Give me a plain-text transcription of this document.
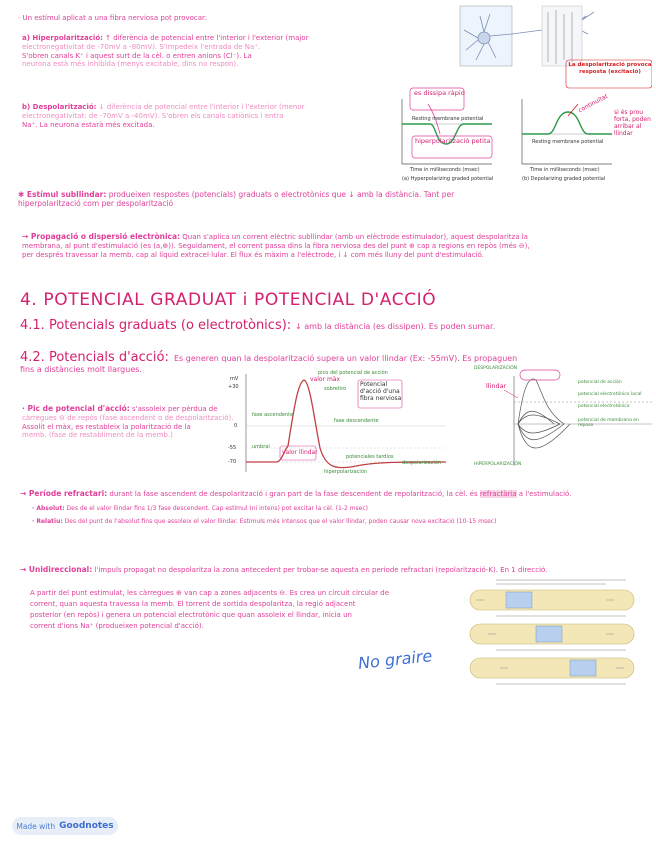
· Un estímul aplicat a una fibra nerviosa pot provocar:
a) Hiperpolarització: ↑ diferència de potencial entre l'interior i l'exterior (major
electronegativitat de -70mV a -80mV). S'impedeix l'entrada de Na⁺.
S'obren canals K⁺ i aquest surt de la cèl. o entren anions (Cl⁻). La
neurona està més inhibida (menys excitable, dins no respon).
b) Despolarització: ↓ diferència de potencial entre l'interior i l'exterior (menor
electronegativitat: de -70mV a -40mV). S'obren els canals catiònics i entra
Na⁺. La neurona estarà més excitada.
es dissipa ràpid
hiperpolarització petita
La despolarització provoca resposta (excitació)
continuïtat si és prou forta, poden arribar al llindar
Resting membrane potential
Resting membrane potential
Time in milliseconds (msec)	Time in milliseconds (msec)
(a) Hyperpolarizing graded potential	(b) Depolarizing graded potential
✱ Estímul subllindar: produeixen respostes (potencials) graduats o electrotònics que ↓ amb la distància. Tant per
hiperpolarització com per despolarització
→ Propagació o dispersió electrònica: Quan s'aplica un corrent elèctric subllindar (amb un elèctrode estimulador), aquest despolaritza la
membrana, al punt d'estimulació (es (a,⊕)). Seguidament, el corrent passa dins la fibra nerviosa des del punt ⊕ cap a regions en repòs (més ⊖),
per després travessar la memb. cap al líquid extracel·lular. El flux és màxim a l'elèctrode, i ↓ com més lluny del punt d'estimulació.
4. POTENCIAL GRADUAT i POTENCIAL D'ACCIÓ
4.1. Potencials graduats (o electrotònics): ↓ amb la distància (es dissipen). Es poden sumar.
4.2. Potencials d'acció: Es generen quan la despolarització supera un valor llindar (Ex: -55mV). Es propaguen
fins a distàncies molt llargues.
mV
+30
0
-55
-70
pico del potencial de acción
valor màx
sobretiro
fase ascendente
fase descendente
umbral
valor llindar
potenciales tardíos
despolarización
hiperpolarización
Potencial d'acció d'una fibra nerviosa
DESPOLARIZACIÓN
HIPERPOLARIZACIÓN
llindar	potencial de acción
potencial electrotónico local
potencial electrotónico
potencial de membrana en reposo
· Pic de potencial d'acció: s'assoleix per pèrdua de
càrregues ⊖ de repòs (fase ascendent o de despolarització).
Assolit el màx, es restableix la polarització de la
memb. (fase de restabliment de la memb.)
→ Període refractari: durant la fase ascendent de despolarització i gran part de la fase descendent de repolarització, la cèl. és refractària a l'estimulació.
· Absolut: Des de el valor llindar fins 1/3 fase descendent. Cap estímul (ni intens) pot excitar la cèl. (1-2 msec)
· Relatiu: Des del punt de l'absolut fins que assoleix el valor llindar. Estímuls més intensos que el valor llindar, poden causar nova excitació (10-15 msec)
→ Unidireccional: l'impuls propagat no despolaritza la zona antecedent per trobar-se aquesta en període refractari (repolarització-K). En 1 direcció.
A partir del punt estimulat, les càrregues ⊕ van cap a zones adjacents ⊖. Es crea un circuit circular de
corrent, quan aquesta travessa la memb. El torrent de sortida despolaritza, la regió adjacent
posterior (en repòs) i genera un potencial electrotònic que quan assoleix el llindar, inicia un
corrent d'ions Na⁺ (produeixen potencial d'acció).
No graire
Made with Goodnotes
